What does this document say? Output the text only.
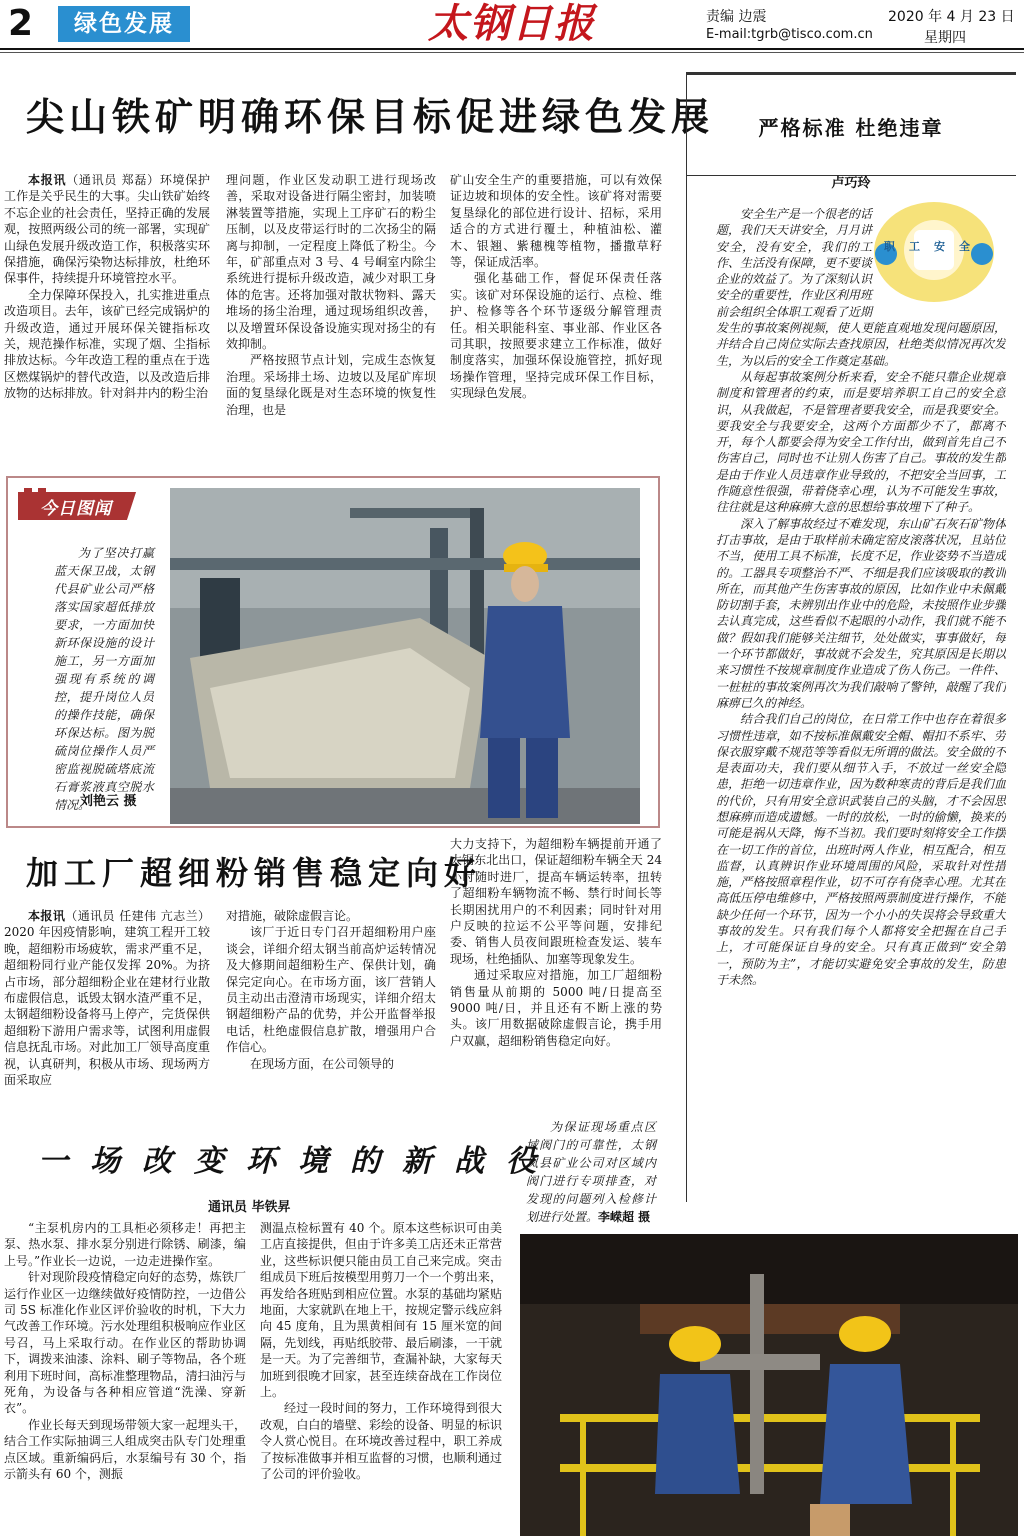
2	绿色发展	太钢日报	责编 边震
E-mail:tgrb@tisco.com.cn
2020 年 4 月 23 日
星期四
尖山铁矿明确环保目标促进绿色发展

本报讯（通讯员 郑磊）环境保护工作是关乎民生的大事。尖山铁矿始终不忘企业的社会责任，坚持正确的发展观，按照两级公司的统一部署，实现矿山绿色发展升级改造工作，积极落实环保措施，确保污染物达标排放，杜绝环保事件，持续提升环境管控水平。

全力保障环保投入，扎实推进重点改造项目。去年，该矿已经完成锅炉的升级改造，通过开展环保关键指标攻关，规范操作标准，实现了烟、尘指标排放达标。今年改造工程的重点在于选区燃煤锅炉的替代改造，以及改造后排放物的达标排放。针对斜井内的粉尘治

理问题，作业区发动职工进行现场改善，采取对设备进行隔尘密封，加装喷淋装置等措施，实现上工序矿石的粉尘压制，以及皮带运行时的二次扬尘的隔离与抑制，一定程度上降低了粉尘。今年，矿部重点对 3 号、4 号峒室内除尘系统进行提标升级改造，减少对职工身体的危害。还将加强对散状物料、露天堆场的扬尘治理，通过现场组织改善，以及增置环保设备设施实现对扬尘的有效抑制。

严格按照节点计划，完成生态恢复治理。采场排土场、边坡以及尾矿库坝面的复垦绿化既是对生态环境的恢复性治理，也是

矿山安全生产的重要措施，可以有效保证边坡和坝体的安全性。该矿将对需要复垦绿化的部位进行设计、招标，采用适合的方式进行覆土，种植油松、灌木、银翘、紫穗槐等植物，播撒草籽等，保证成活率。

强化基础工作，督促环保责任落实。该矿对环保设施的运行、点检、维护、检修等各个环节逐级分解管理责任。相关职能科室、事业部、作业区各司其职，按照要求建立工作标准，做好制度落实，加强环保设施管控，抓好现场操作管理，坚持完成环保工作目标，实现绿色发展。

今日图闻
为了坚决打赢蓝天保卫战，太钢代县矿业公司严格落实国家超低排放要求，一方面加快新环保设施的设计施工，另一方面加强现有系统的调控，提升岗位人员的操作技能，确保环保达标。图为脱硫岗位操作人员严密监视脱硫塔底流石膏浆液真空脱水情况。
刘艳云 摄
加工厂超细粉销售稳定向好

本报讯（通讯员 任建伟 亢志兰）2020 年因疫情影响，建筑工程开工较晚，超细粉市场疲软，需求严重不足，超细粉同行业产能仅发挥 20%。为挤占市场，部分超细粉企业在建材行业散布虚假信息，诋毁太钢水渣严重不足，太钢超细粉设备将马上停产，完货保供超细粉下游用户需求等，试图利用虚假信息抚乱市场。对此加工厂领导高度重视，认真研判，积极从市场、现场两方面采取应

对措施，破除虚假言论。

该厂于近日专门召开超细粉用户座谈会，详细介绍太钢当前高炉运转情况及大修期间超细粉生产、保供计划，确保完定向心。在市场方面，该厂营销人员主动出击澄清市场现实，详细介绍太钢超细粉产品的优势，并公开监督举报电话，杜绝虚假信息扩散，增强用户合作信心。

在现场方面，在公司领导的

大力支持下，为超细粉车辆提前开通了太钢东北出口，保证超细粉车辆全天 24 小时随时进厂，提高车辆运转率，扭转了超细粉车辆物流不畅、禁行时间长等长期困扰用户的不利因素；同时针对用户反映的拉运不公平等问题，安排纪委、销售人员夜间跟班检查发运、装车现场，杜绝插队、加塞等现象发生。

通过采取应对措施，加工厂超细粉销售量从前期的 5000 吨/日提高至 9000 吨/日，并且还有不断上涨的势头。该厂用数据破除虚假言论，携手用户双赢，超细粉销售稳定向好。

一场改变环境的新战役
通讯员 毕铁昇

“主泵机房内的工具柜必须移走！再把主泵、热水泵、排水泵分别进行除锈、刷漆，编上号。”作业长一边说，一边走进操作室。

针对现阶段疫情稳定向好的态势，炼铁厂运行作业区一边继续做好疫情防控，一边借公司 5S 标准化作业区评价验收的时机，下大力气改善工作环境。污水处理组积极响应作业区号召，马上采取行动。在作业区的帮助协调下，调拨来油漆、涂料、刷子等物品，各个班利用下班时间，高标准整理物品，清扫油污与死角，为设备与各种相应管道“洗澡、穿新衣”。

作业长每天到现场带领大家一起埋头干，结合工作实际抽调三人组成突击队专门处理重点区域。重新编码后，水泵编号有 30 个，指示箭头有 60 个，测振

测温点检标置有 40 个。原本这些标识可由美工店直接提供，但由于许多美工店还未正常营业，这些标识便只能由员工自己来完成。突击组成员下班后按模型用剪刀一个一个剪出来，再发给各班贴到相应位置。水泵的基础均紧贴地面，大家就趴在地上干，按规定警示线应斜向 45 度角，且为黑黄相间有 15 厘米宽的间隔，先划线，再贴纸胶带、最后刷漆，一干就是一天。为了完善细节，查漏补缺，大家每天加班到很晚才回家，甚至连续奋战在工作岗位上。

经过一段时间的努力，工作环境得到很大改观，白白的墙壁、彩绘的设备、明显的标识令人赏心悦目。在环境改善过程中，职工养成了按标准做事并相互监督的习惯，也顺利通过了公司的评价验收。

为保证现场重点区域阀门的可靠性，太钢岚县矿业公司对区域内阀门进行专项排查，对发现的问题列入检修计划进行处置。 李嵘超 摄
严格标准 杜绝违章
卢巧玲
职工安全

安全生产是一个很老的话题，我们天天讲安全，月月讲安全，没有安全，我们的工作、生活没有保障，更不要谈企业的效益了。为了深刻认识安全的重要性，作业区利用班前会组织全体职工观看了近期发生的事故案例视频，使人更能直观地发现问题原因，并结合自己岗位实际去查找原因，杜绝类似情况再次发生，为以后的安全工作奠定基础。

从每起事故案例分析来看，安全不能只靠企业规章制度和管理者的约束，而是要培养职工自己的安全意识，从我做起，不是管理者要我安全，而是我要安全。要我安全与我要安全，这两个方面都少不了，都离不开，每个人都要会得为安全工作付出，做到首先自己不伤害自己，同时也不让别人伤害了自己。事故的发生都是由于作业人员违章作业导致的，不把安全当回事，工作随意性很强，带着侥幸心理，认为不可能发生事故，往往就是这种麻痹大意的思想给事故埋下了种子。

深入了解事故经过不难发现，东山矿石灰石矿物体打击事故，是由于取样前未确定窑皮滚落状况，且站位不当，使用工具不标准，长度不足，作业姿势不当造成的。工器具专项整治不严、不细是我们应该吸取的教训所在，而其他产生伤害事故的原因，比如作业中未佩戴防切割手套，未辨别出作业中的危险，未按照作业步骤去认真完成，这些看似不起眼的小动作，我们就不能不做？假如我们能够关注细节，处处做实，事事做好，每一个环节都做好，事故就不会发生，究其原因是长期以来习惯性不按规章制度作业造成了伤人伤己。一件件、一桩桩的事故案例再次为我们敲响了警钟，敲醒了我们麻痹已久的神经。

结合我们自己的岗位，在日常工作中也存在着很多习惯性违章，如不按标准佩戴安全帽、帽扣不系牢、劳保衣服穿戴不规范等等看似无所谓的做法。安全做的不是表面功夫，我们要从细节入手，不放过一丝安全隐患，拒绝一切违章作业，因为数种寒责的背后是我们血的代价，只有用安全意识武装自己的头脑，才不会因思想麻痹而造成遗憾。一时的放松，一时的偷懒，换来的可能是祸从天降，悔不当初。我们要时刻将安全工作摆在一切工作的首位，出班时两人作业，相互配合，相互监督，认真辨识作业环境周围的风险，采取针对性措施，严格按照章程作业，切不可存有侥幸心理。尤其在高低压停电维修中，严格按照两票制度进行操作，不能缺少任何一个环节，因为一个小小的失误将会导致重大事故的发生。只有我们每个人都将安全把握在自己手上，才可能保证自身的安全。只有真正做到“安全第一，预防为主”，才能切实避免安全事故的发生，防患于未然。
